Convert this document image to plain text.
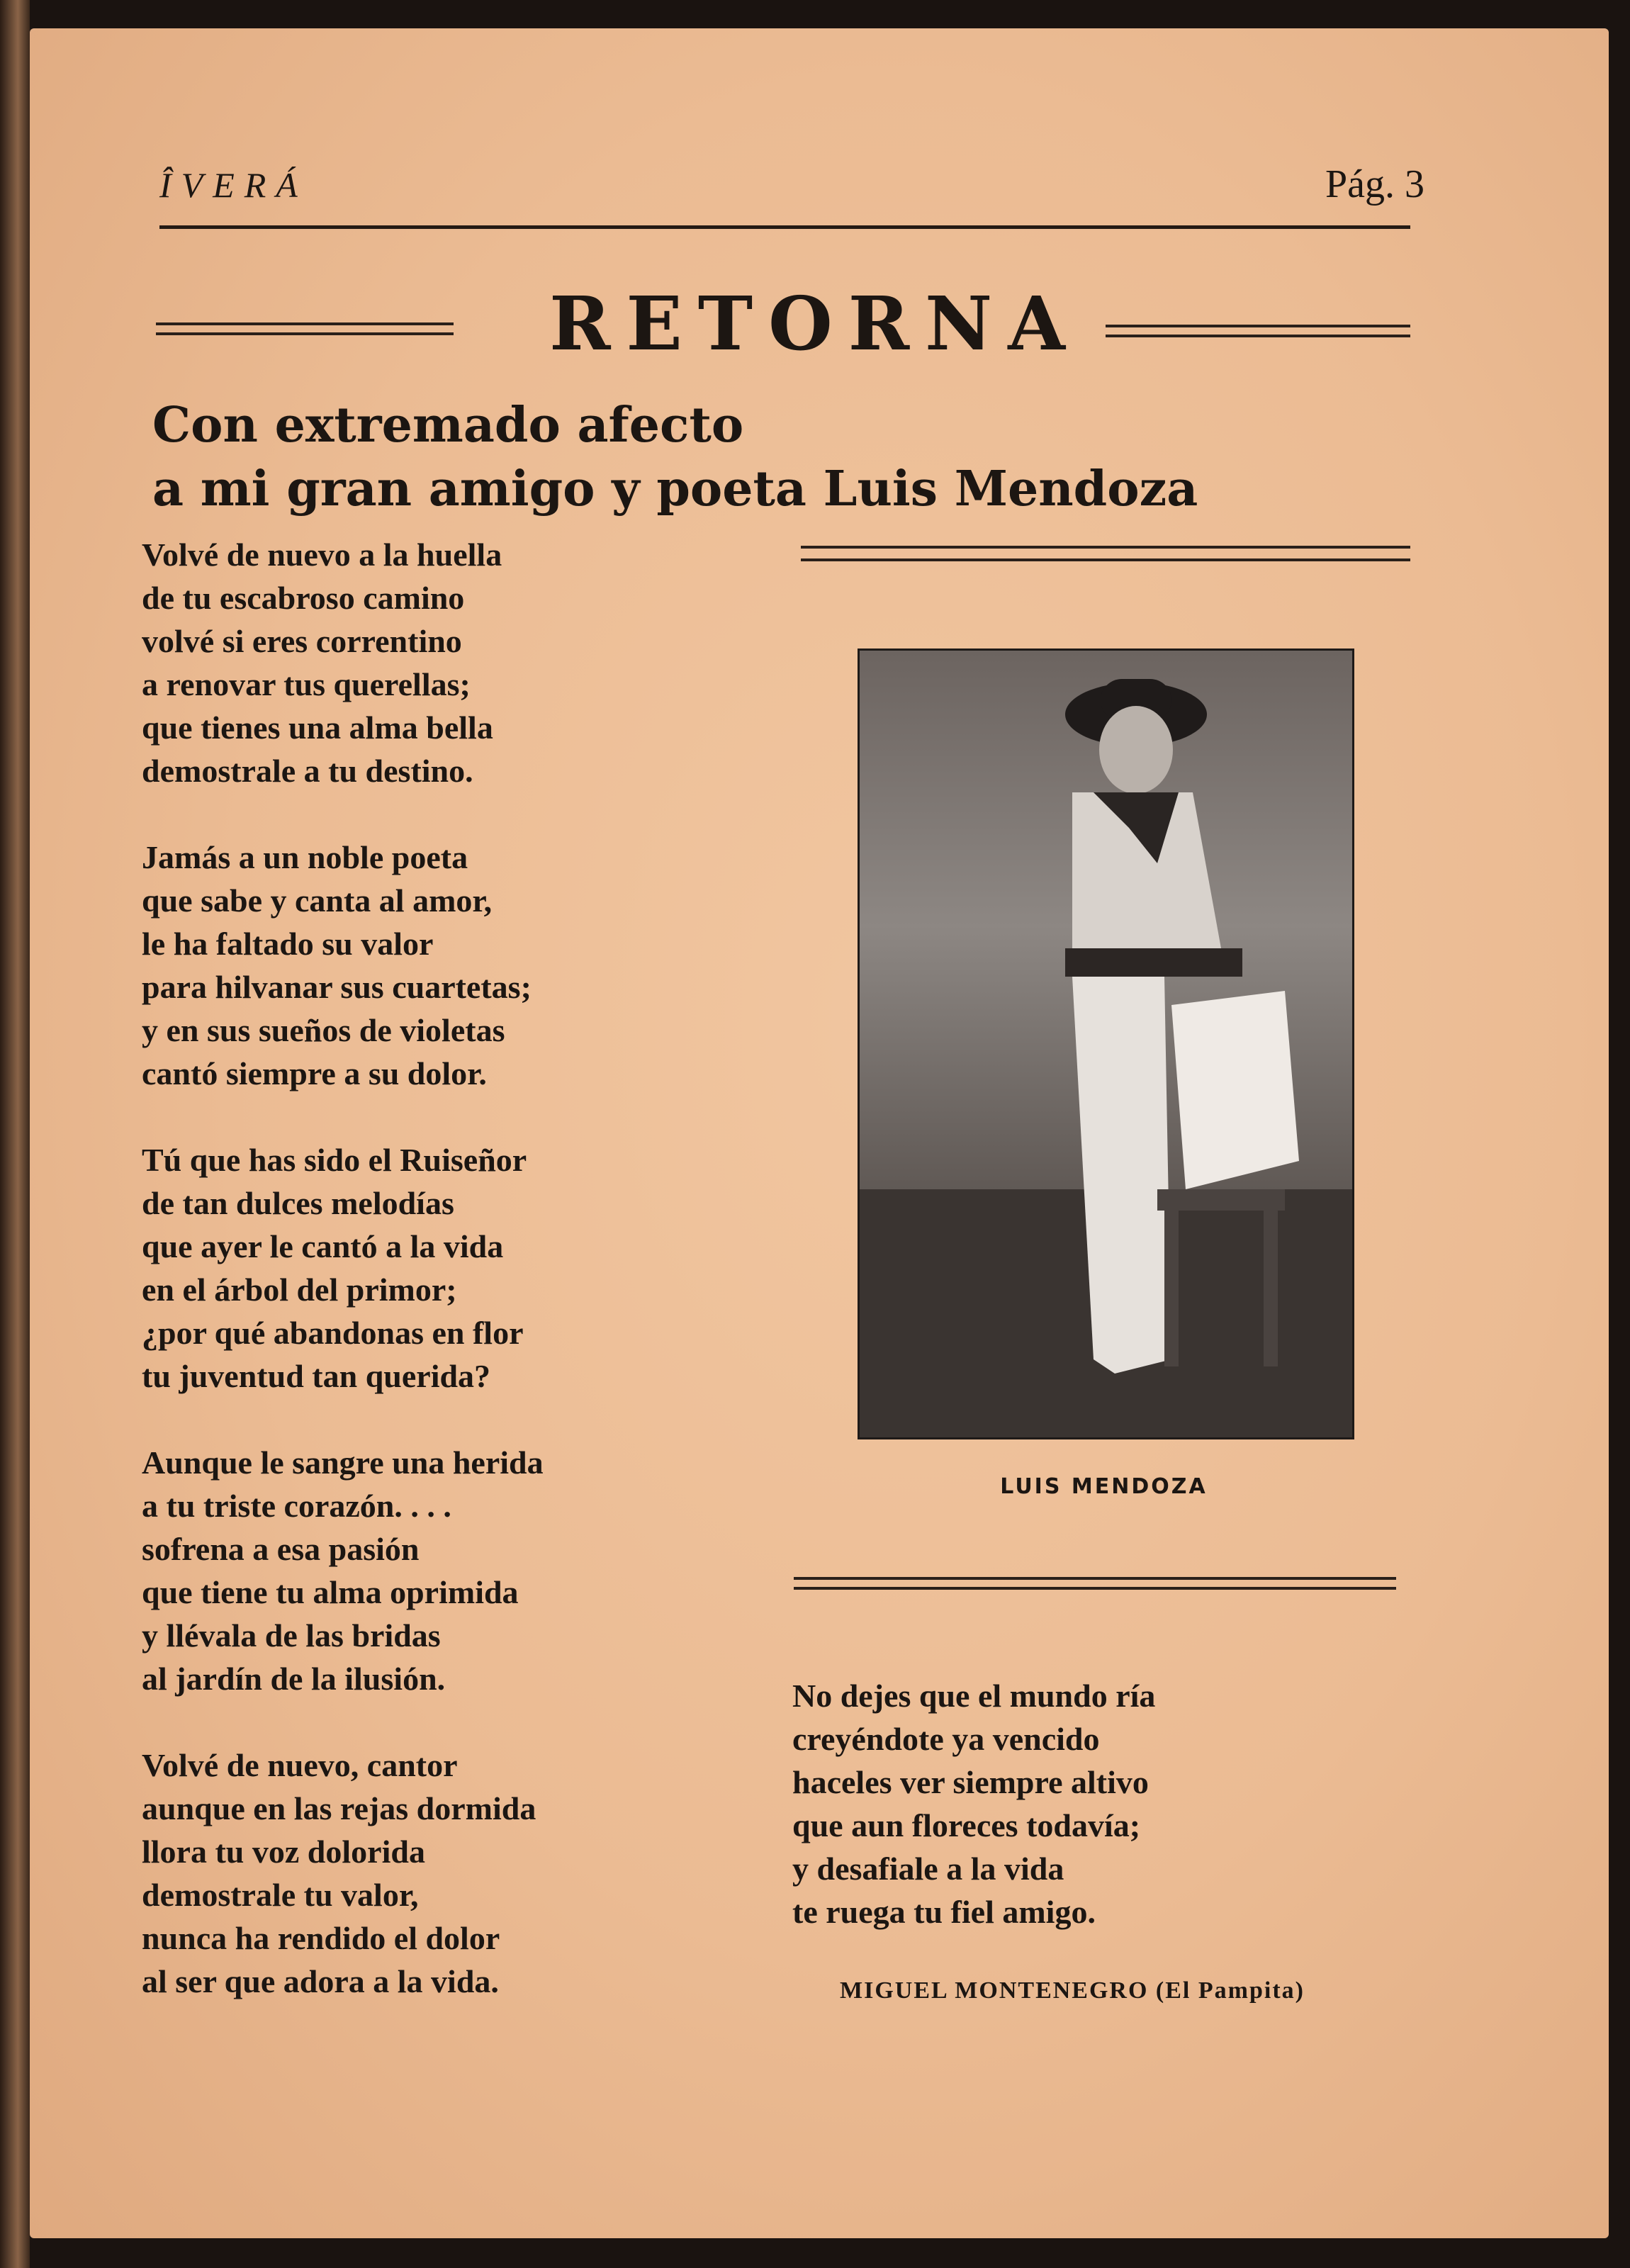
ÎVERÁ	Pág. 3
RETORNA
Con extremado afecto
a mi gran amigo y poeta Luis Mendoza
Volvé de nuevo a la huella
de tu escabroso camino
volvé si eres correntino
a renovar tus querellas;
que tienes una alma bella
demostrale a tu destino.
Jamás a un noble poeta
que sabe y canta al amor,
le ha faltado su valor
para hilvanar sus cuartetas;
y en sus sueños de violetas
cantó siempre a su dolor.
Tú que has sido el Ruiseñor
de tan dulces melodías
que ayer le cantó a la vida
en el árbol del primor;
¿por qué abandonas en flor
tu juventud tan querida?
Aunque le sangre una herida
a tu triste corazón. . . .
sofrena a esa pasión
que tiene tu alma oprimida
y llévala de las bridas
al jardín de la ilusión.
Volvé de nuevo, cantor
aunque en las rejas dormida
llora tu voz dolorida
demostrale tu valor,
nunca ha rendido el dolor
al ser que adora a la vida.
LUIS MENDOZA
No dejes que el mundo ría
creyéndote ya vencido
haceles ver siempre altivo
que aun floreces todavía;
y desafiale a la vida
te ruega tu fiel amigo.
MIGUEL MONTENEGRO (El Pampita)
